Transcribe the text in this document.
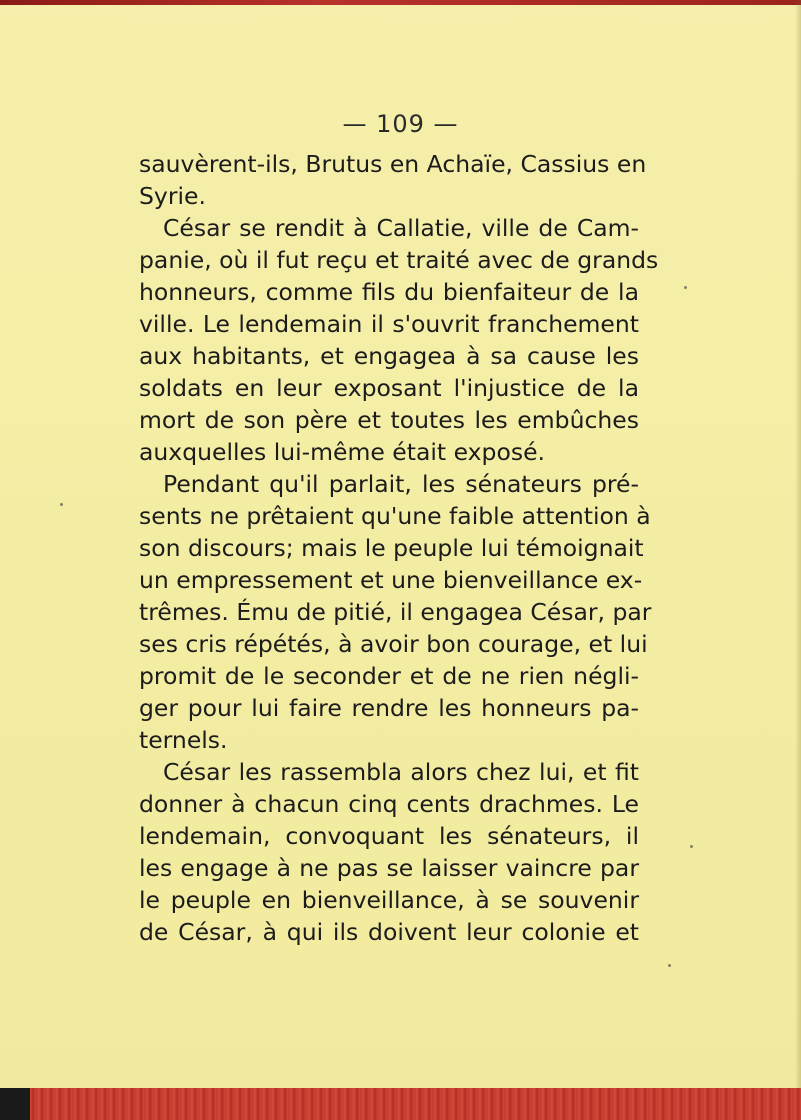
— 109 —
sauvèrent-ils, Brutus en Achaïe, Cassius en
Syrie.
César se rendit à Callatie, ville de Cam-
panie, où il fut reçu et traité avec de grands
honneurs, comme fils du bienfaiteur de la
ville. Le lendemain il s'ouvrit franchement
aux habitants, et engagea à sa cause les
soldats en leur exposant l'injustice de la
mort de son père et toutes les embûches
auxquelles lui-même était exposé.
Pendant qu'il parlait, les sénateurs pré-
sents ne prêtaient qu'une faible attention à
son discours; mais le peuple lui témoignait
un empressement et une bienveillance ex-
trêmes. Ému de pitié, il engagea César, par
ses cris répétés, à avoir bon courage, et lui
promit de le seconder et de ne rien négli-
ger pour lui faire rendre les honneurs pa-
ternels.
César les rassembla alors chez lui, et fit
donner à chacun cinq cents drachmes. Le
lendemain, convoquant les sénateurs, il
les engage à ne pas se laisser vaincre par
le peuple en bienveillance, à se souvenir
de César, à qui ils doivent leur colonie et
